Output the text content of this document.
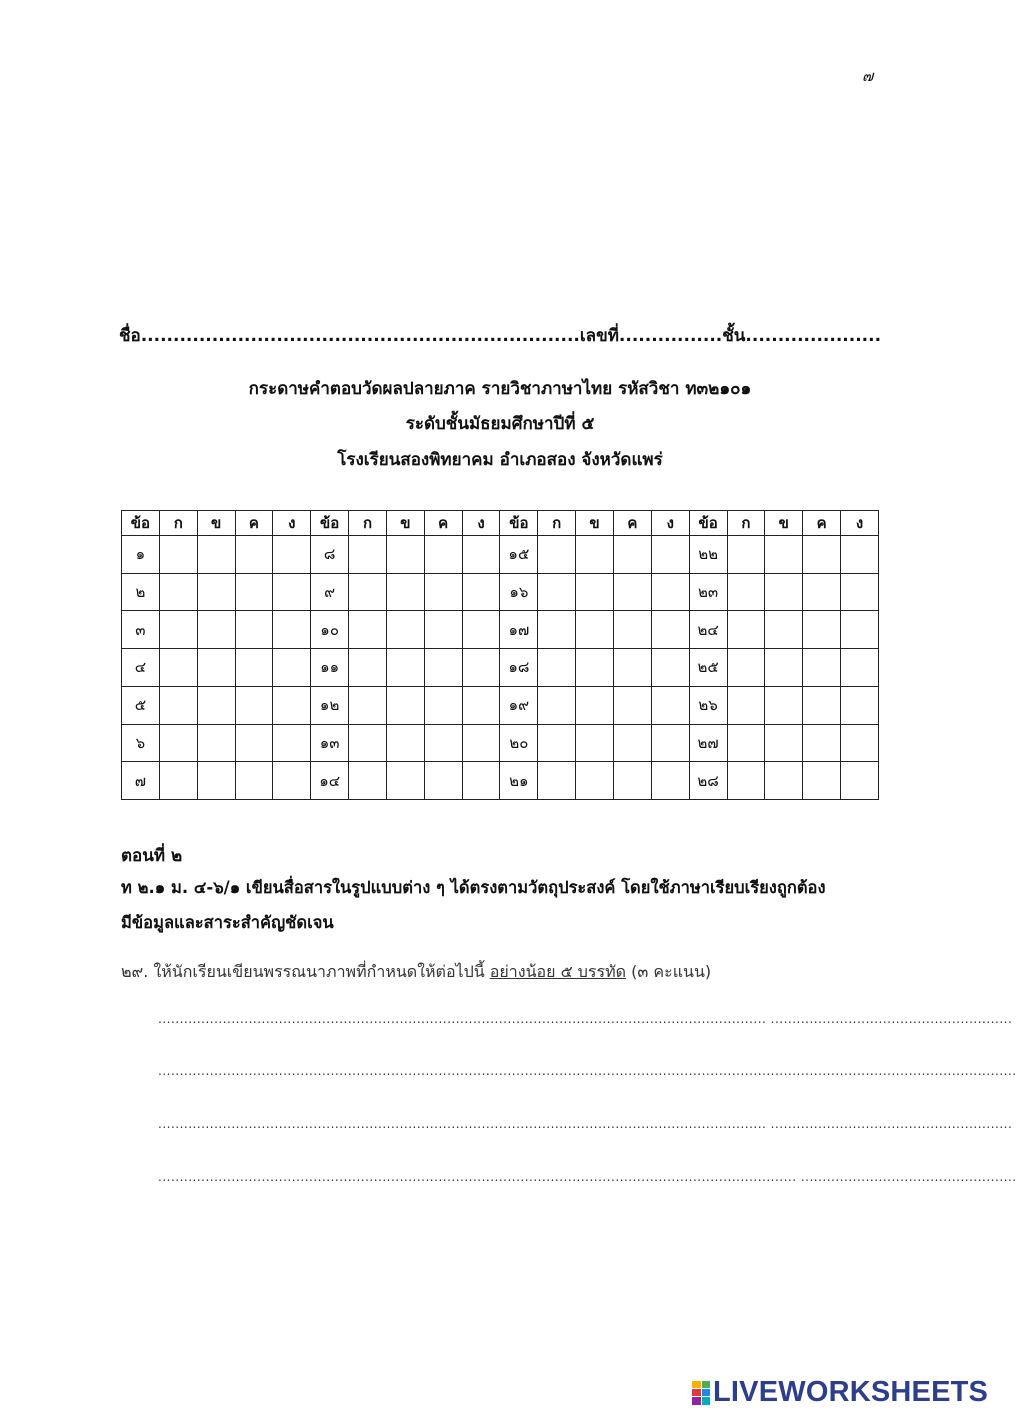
๗
ชื่อ....................................................................เลขที่................ชั้น.....................
กระดาษคำตอบวัดผลปลายภาค รายวิชาภาษาไทย รหัสวิชา ท๓๒๑๐๑
ระดับชั้นมัธยมศึกษาปีที่ ๕
โรงเรียนสองพิทยาคม อำเภอสอง จังหวัดแพร่
ข้อ	ก	ข	ค	ง	ข้อ	ก	ข	ค	ง	ข้อ	ก	ข	ค	ง	ข้อ	ก	ข	ค	ง
๑					๘					๑๕					๒๒				
๒					๙					๑๖					๒๓				
๓					๑๐					๑๗					๒๔				
๔					๑๑					๑๘					๒๕				
๕					๑๒					๑๙					๒๖				
๖					๑๓					๒๐					๒๗				
๗					๑๔					๒๑					๒๘				
ตอนที่ ๒
ท ๒.๑ ม. ๔-๖/๑ เขียนสื่อสารในรูปแบบต่าง ๆ ได้ตรงตามวัตถุประสงค์ โดยใช้ภาษาเรียบเรียงถูกต้อง
มีข้อมูลและสาระสำคัญชัดเจน
๒๙. ให้นักเรียนเขียนพรรณนาภาพที่กำหนดให้ต่อไปนี้ อย่างน้อย ๕ บรรทัด (๓ คะแนน)
............................................................................................................................................. ........................................................
.......................................................................................................................................................................................................
............................................................................................................................................. ........................................................
.................................................................................................................................................... ..................................................
LIVEWORKSHEETS
